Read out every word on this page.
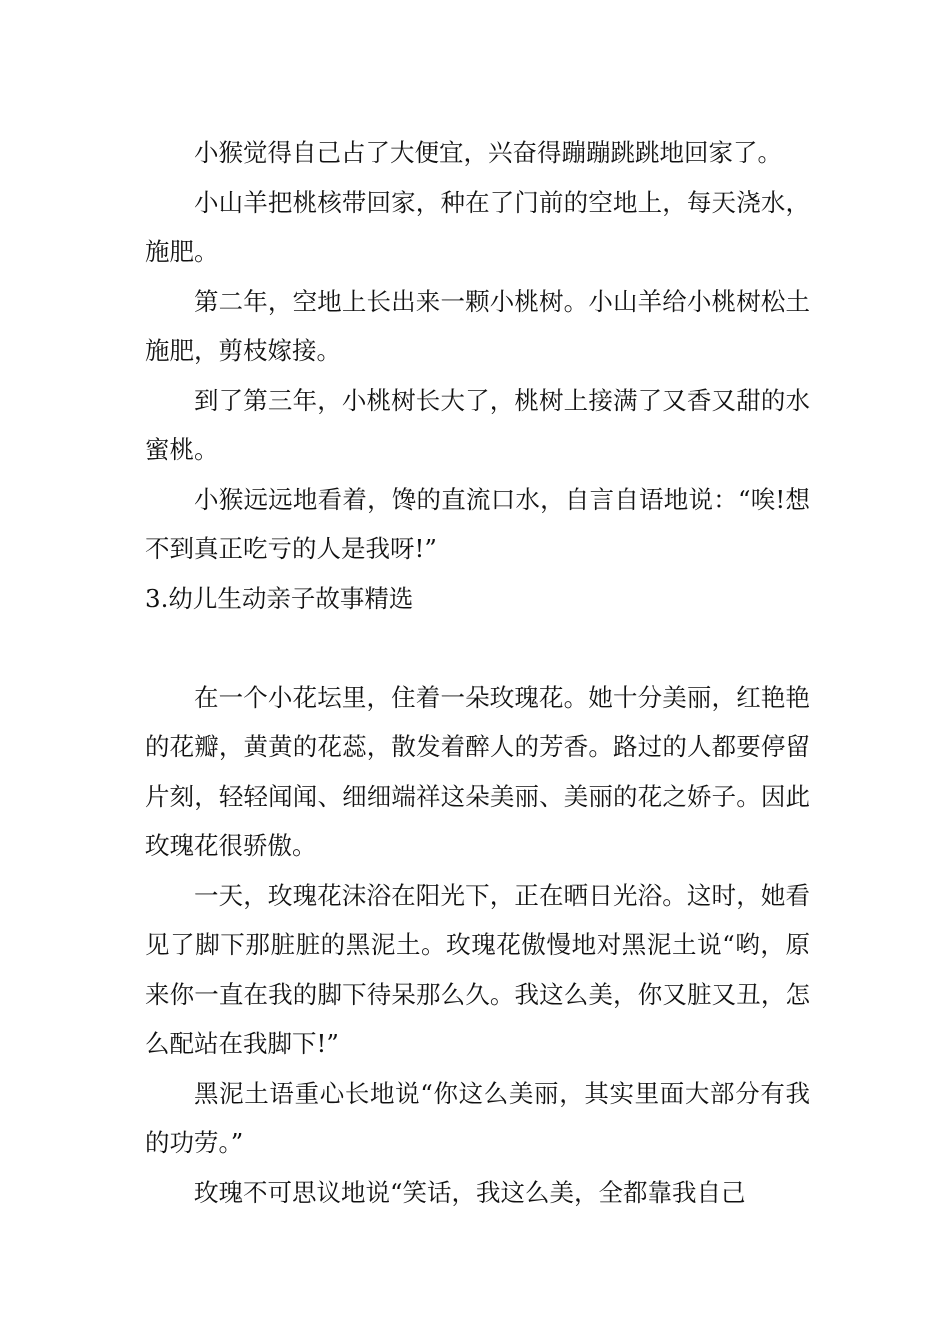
小猴觉得自己占了大便宜，兴奋得蹦蹦跳跳地回家了。

小山羊把桃核带回家，种在了门前的空地上，每天浇水，施肥。

第二年，空地上长出来一颗小桃树。小山羊给小桃树松土施肥，剪枝嫁接。

到了第三年，小桃树长大了，桃树上接满了又香又甜的水蜜桃。

小猴远远地看着，馋的直流口水，自言自语地说：“唉!想不到真正吃亏的人是我呀!”

3.幼儿生动亲子故事精选

在一个小花坛里，住着一朵玫瑰花。她十分美丽，红艳艳的花瓣，黄黄的花蕊，散发着醉人的芳香。路过的人都要停留片刻，轻轻闻闻、细细端祥这朵美丽、美丽的花之娇子。因此玫瑰花很骄傲。

一天，玫瑰花沫浴在阳光下，正在晒日光浴。这时，她看见了脚下那脏脏的黑泥土。玫瑰花傲慢地对黑泥土说“哟，原来你一直在我的脚下待呆那么久。我这么美，你又脏又丑，怎么配站在我脚下!”

黑泥土语重心长地说“你这么美丽，其实里面大部分有我的功劳。”

玫瑰不可思议地说“笑话，我这么美，全都靠我自己
